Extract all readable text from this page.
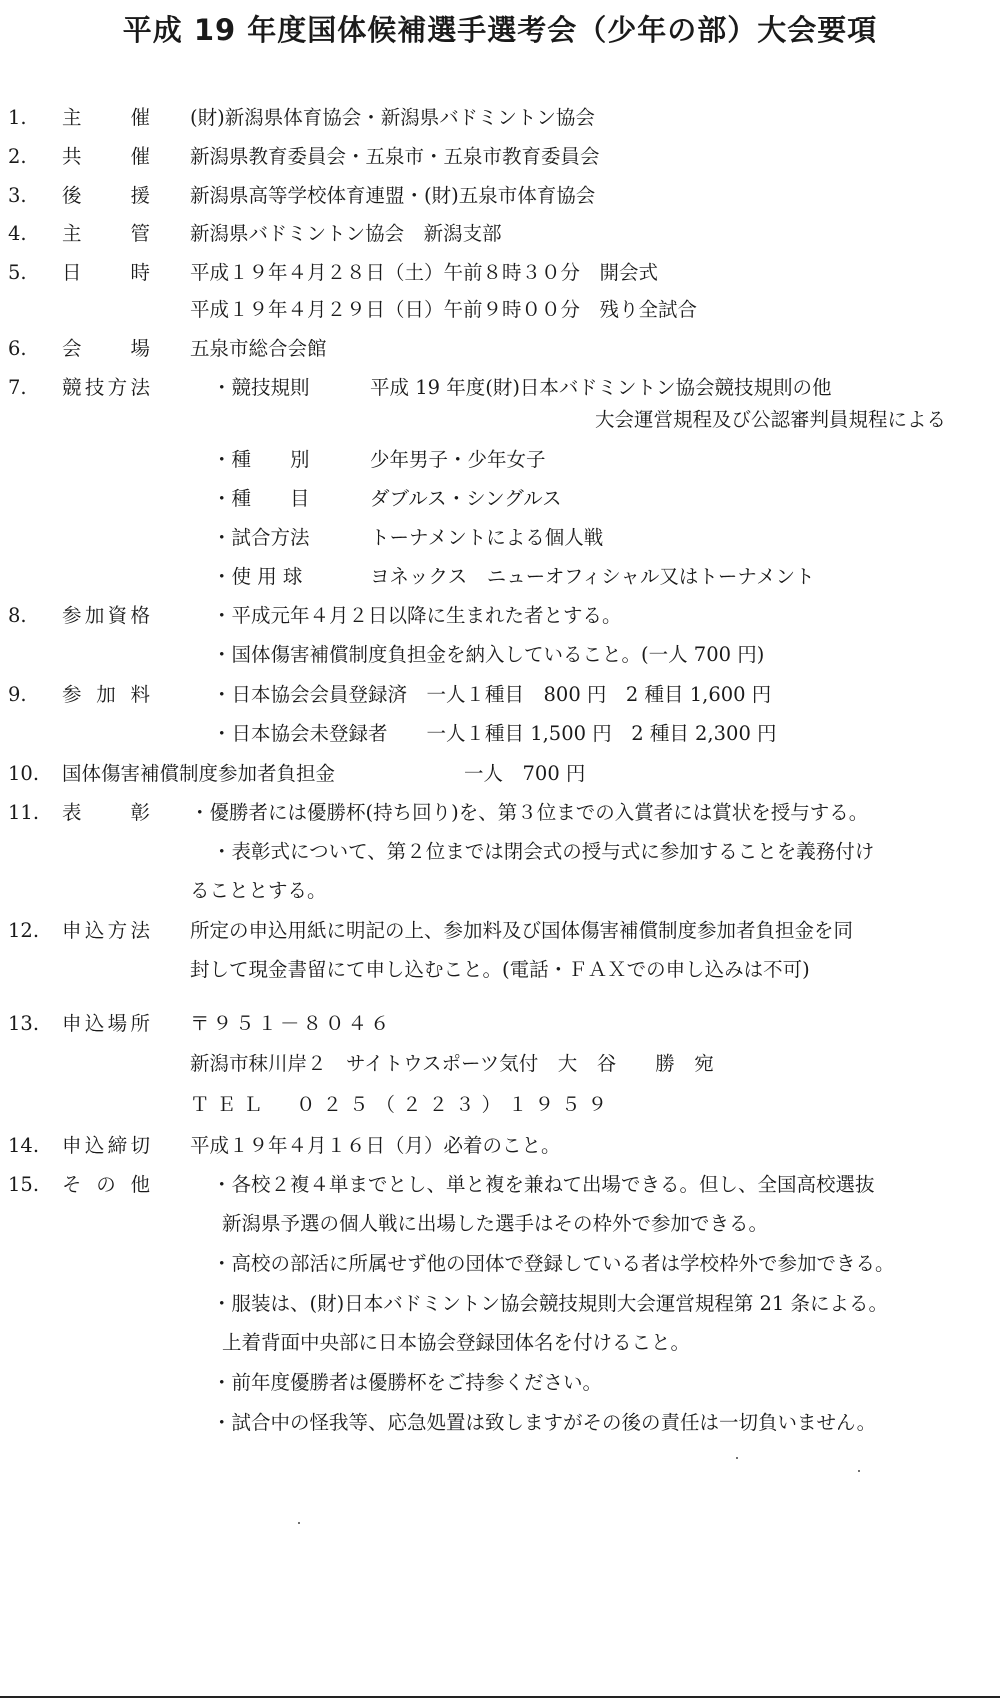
平成 19 年度国体候補選手選考会（少年の部）大会要項
1.	主　催 (財)新潟県体育協会・新潟県バドミントン協会
2.	共　催 新潟県教育委員会・五泉市・五泉市教育委員会
3.	後　援 新潟県高等学校体育連盟・(財)五泉市体育協会
4.	主　管 新潟県バドミントン協会　新潟支部
5.	日　時 平成１９年４月２８日（土）午前８時３０分　開会式
平成１９年４月２９日（日）午前９時００分　残り全試合
6.	会　場 五泉市総合会館
7.	競技方法	・競技規則	平成 19 年度(財)日本バドミントン協会競技規則の他
大会運営規程及び公認審判員規程による
・種　　別	少年男子・少年女子
・種　　目	ダブルス・シングルス
・試合方法	トーナメントによる個人戦
・使 用 球	ヨネックス　ニューオフィシャル又はトーナメント
8.	参加資格	・平成元年４月２日以降に生まれた者とする。
・国体傷害補償制度負担金を納入していること。(一人 700 円)
9.	参 加 料	・日本協会会員登録済　一人１種目　800 円　2 種目 1,600 円
・日本協会未登録者　　一人１種目 1,500 円　2 種目 2,300 円
10.	国体傷害補償制度参加者負担金	一人　700 円
11.	表　彰 ・優勝者には優勝杯(持ち回り)を、第３位までの入賞者には賞状を授与する。
・表彰式について、第２位までは閉会式の授与式に参加することを義務付け
ることとする。
12.	申込方法 所定の申込用紙に明記の上、参加料及び国体傷害補償制度参加者負担金を同
封して現金書留にて申し込むこと。(電話・ＦＡＸでの申し込みは不可)
13.	申込場所 〒９５１－８０４６
新潟市秣川岸２　サイトウスポーツ気付　大　谷　　勝　宛
ＴＥＬ　０２５（２２３）１９５９
14.	申込締切 平成１９年４月１６日（月）必着のこと。
15.	そ の 他	・各校２複４単までとし、単と複を兼ねて出場できる。但し、全国高校選抜
新潟県予選の個人戦に出場した選手はその枠外で参加できる。
・高校の部活に所属せず他の団体で登録している者は学校枠外で参加できる。
・服装は、(財)日本バドミントン協会競技規則大会運営規程第 21 条による。
上着背面中央部に日本協会登録団体名を付けること。
・前年度優勝者は優勝杯をご持参ください。
・試合中の怪我等、応急処置は致しますがその後の責任は一切負いません。
